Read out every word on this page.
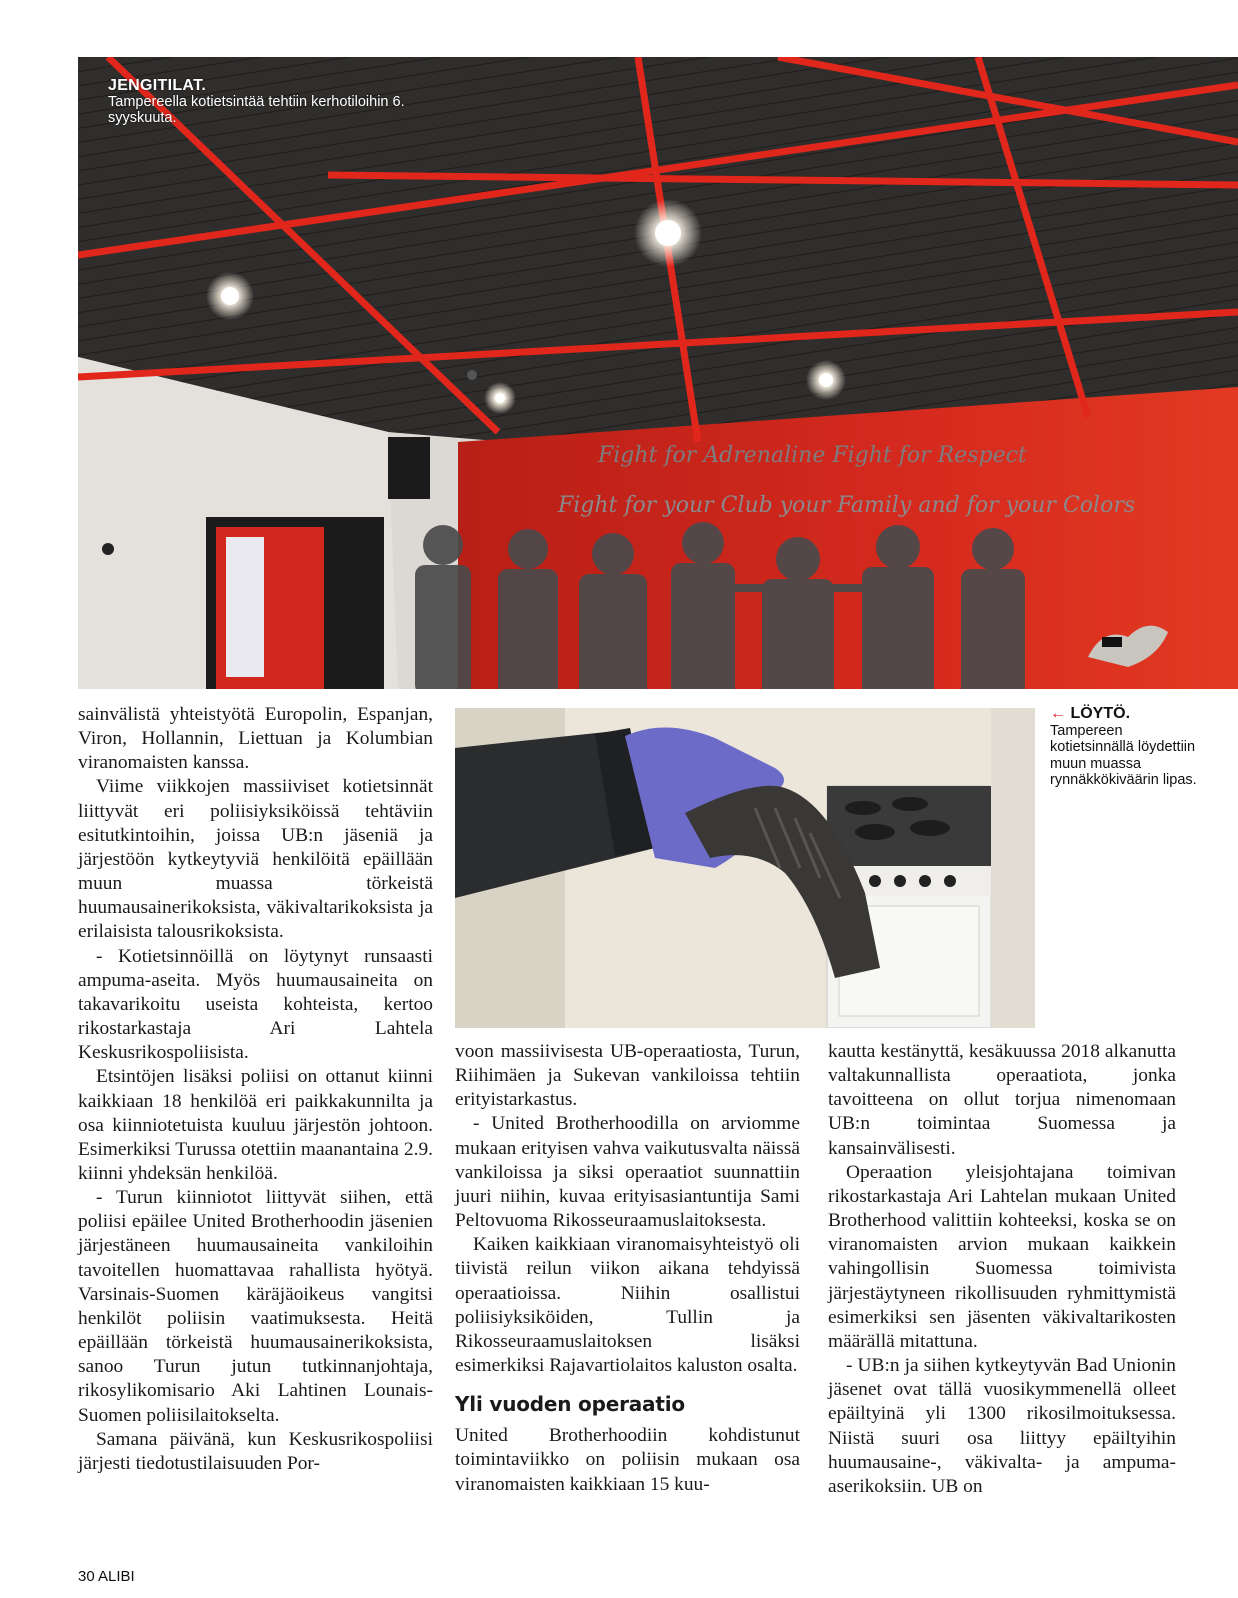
Fight for Adrenaline Fight for Respect
Fight for your Club your Family and for your Colors
JENGITILAT.
Tampereella kotietsintää tehtiin kerhotiloihin 6. syyskuuta.
← LÖYTÖ.
Tampereen kotietsinnällä löydettiin muun muassa rynnäkkökiväärin lipas.

sainvälistä yhteistyötä Europolin, Espanjan, Viron, Hollannin, Liettuan ja Kolumbian viranomaisten kanssa.

Viime viikkojen massiiviset kotietsinnät liittyvät eri poliisiyksiköissä tehtäviin esitutkintoihin, joissa UB:n jäseniä ja järjestöön kytkeytyviä henkilöitä epäillään muun muassa törkeistä huumausainerikoksista, väkivaltarikoksista ja erilaisista talousrikoksista.

- Kotietsinnöillä on löytynyt runsaasti ampuma-aseita. Myös huumausaineita on takavarikoitu useista kohteista, kertoo rikostarkastaja Ari Lahtela Keskusrikospoliisista.

Etsintöjen lisäksi poliisi on ottanut kiinni kaikkiaan 18 henkilöä eri paikkakunnilta ja osa kiinniotetuista kuuluu järjestön johtoon. Esimerkiksi Turussa otettiin maanantaina 2.9. kiinni yhdeksän henkilöä.

- Turun kiinniotot liittyvät siihen, että poliisi epäilee United Brotherhoodin jäsenien järjestäneen huumausaineita vankiloihin tavoitellen huomattavaa rahallista hyötyä. Varsinais-Suomen käräjäoikeus vangitsi henkilöt poliisin vaatimuksesta. Heitä epäillään törkeistä huumausainerikoksista, sanoo Turun jutun tutkinnanjohtaja, rikosylikomisario Aki Lahtinen Lounais-Suomen poliisilaitokselta.

Samana päivänä, kun Keskusrikospoliisi järjesti tiedotustilaisuuden Por-

voon massiivisesta UB-operaatiosta, Turun, Riihimäen ja Sukevan vankiloissa tehtiin erityistarkastus.

- United Brotherhoodilla on arviomme mukaan erityisen vahva vaikutusvalta näissä vankiloissa ja siksi operaatiot suunnattiin juuri niihin, kuvaa erityisasiantuntija Sami Peltovuoma Rikosseuraamuslaitoksesta.

Kaiken kaikkiaan viranomaisyhteistyö oli tiivistä reilun viikon aikana tehdyissä operaatioissa. Niihin osallistui poliisiyksiköiden, Tullin ja Rikosseuraamuslaitoksen lisäksi esimerkiksi Rajavartiolaitos kaluston osalta.

Yli vuoden operaatio

United Brotherhoodiin kohdistunut toimintaviikko on poliisin mukaan osa viranomaisten kaikkiaan 15 kuu-

kautta kestänyttä, kesäkuussa 2018 alkanutta valtakunnallista operaatiota, jonka tavoitteena on ollut torjua nimenomaan UB:n toimintaa Suomessa ja kansainvälisesti.

Operaation yleisjohtajana toimivan rikostarkastaja Ari Lahtelan mukaan United Brotherhood valittiin kohteeksi, koska se on viranomaisten arvion mukaan kaikkein vahingollisin Suomessa toimivista järjestäytyneen rikollisuuden ryhmittymistä esimerkiksi sen jäsenten väkivaltarikosten määrällä mitattuna.

- UB:n ja siihen kytkeytyvän Bad Unionin jäsenet ovat tällä vuosikymmenellä olleet epäiltyinä yli 1300 rikosilmoituksessa. Niistä suuri osa liittyy epäiltyihin huumausaine-, väkivalta- ja ampuma-aserikoksiin. UB on

30 ALIBI
